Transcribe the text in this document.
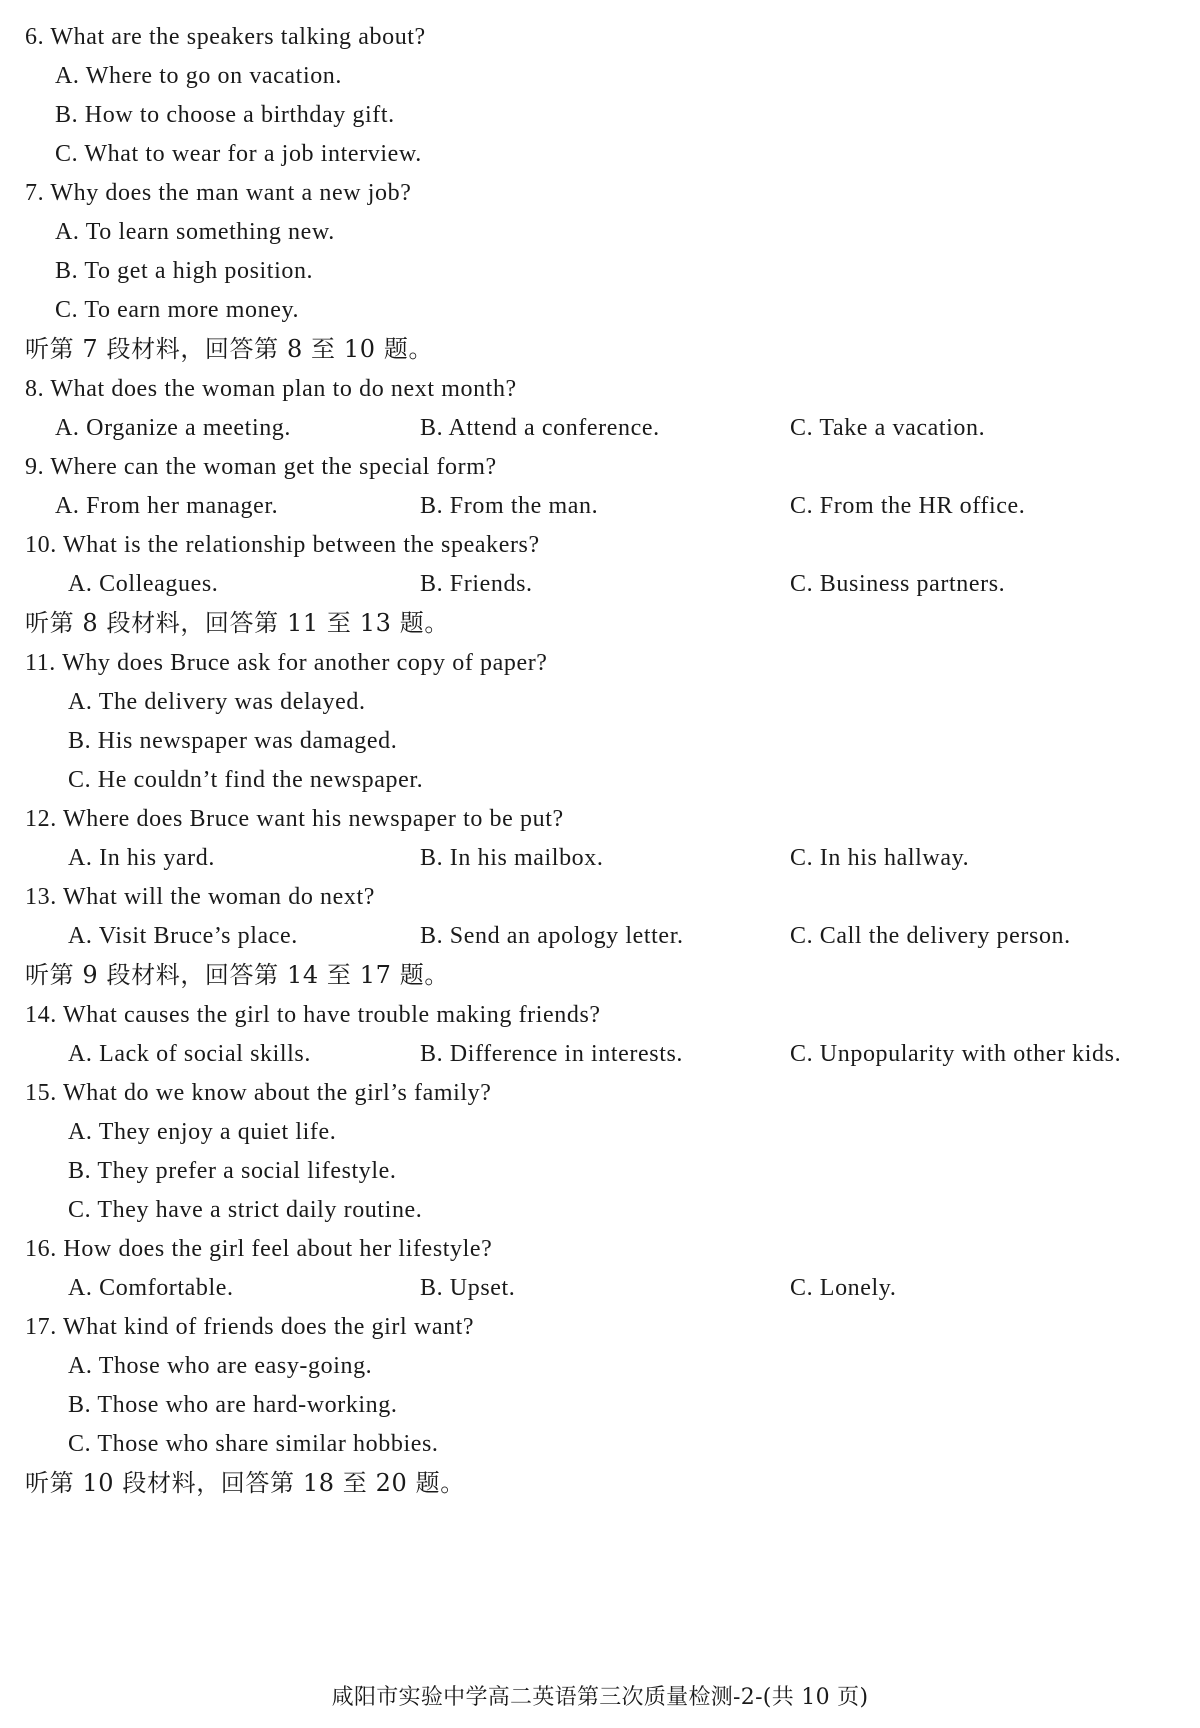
6. What are the speakers talking about?
A. Where to go on vacation.
B. How to choose a birthday gift.
C. What to wear for a job interview.
7. Why does the man want a new job?
A. To learn something new.
B. To get a high position.
C. To earn more money.
听第 7 段材料，回答第 8 至 10 题。
8. What does the woman plan to do next month?
A. Organize a meeting.	B. Attend a conference.	C. Take a vacation.
9. Where can the woman get the special form?
A. From her manager.	B. From the man.	C. From the HR office.
10. What is the relationship between the speakers?
A. Colleagues.	B. Friends.	C. Business partners.
听第 8 段材料，回答第 11 至 13 题。
11. Why does Bruce ask for another copy of paper?
A. The delivery was delayed.
B. His newspaper was damaged.
C. He couldn’t find the newspaper.
12. Where does Bruce want his newspaper to be put?
A. In his yard.	B. In his mailbox.	C. In his hallway.
13. What will the woman do next?
A. Visit Bruce’s place.	B. Send an apology letter.	C. Call the delivery person.
听第 9 段材料，回答第 14 至 17 题。
14. What causes the girl to have trouble making friends?
A. Lack of social skills.	B. Difference in interests.	C. Unpopularity with other kids.
15. What do we know about the girl’s family?
A. They enjoy a quiet life.
B. They prefer a social lifestyle.
C. They have a strict daily routine.
16. How does the girl feel about her lifestyle?
A. Comfortable.	B. Upset.	C. Lonely.
17. What kind of friends does the girl want?
A. Those who are easy-going.
B. Those who are hard-working.
C. Those who share similar hobbies.
听第 10 段材料，回答第 18 至 20 题。
咸阳市实验中学高二英语第三次质量检测-2-(共 10 页)
